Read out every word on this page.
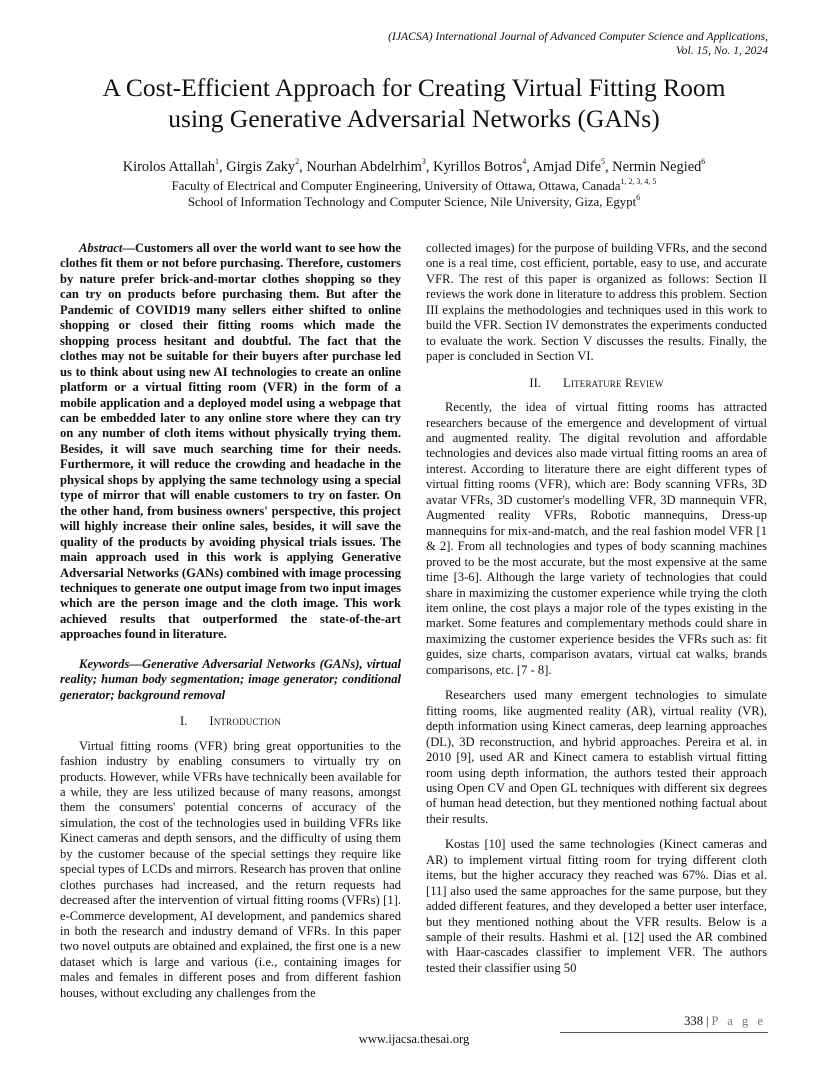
(IJACSA) International Journal of Advanced Computer Science and Applications,
Vol. 15, No. 1, 2024
A Cost-Efficient Approach for Creating Virtual Fitting Room
using Generative Adversarial Networks (GANs)
Kirolos Attallah$^1$, Girgis Zaky$^2$, Nourhan Abdelrhim$^3$, Kyrillos Botros$^4$, Amjad Dife$^5$, Nermin Negied$^6$
Faculty of Electrical and Computer Engineering, University of Ottawa, Ottawa, Canada$^{1, 2, 3, 4, 5}$
School of Information Technology and Computer Science, Nile University, Giza, Egypt$^6$

Abstract—Customers all over the world want to see how the clothes fit them or not before purchasing. Therefore, customers by nature prefer brick-and-mortar clothes shopping so they can try on products before purchasing them. But after the Pandemic of COVID19 many sellers either shifted to online shopping or closed their fitting rooms which made the shopping process hesitant and doubtful. The fact that the clothes may not be suitable for their buyers after purchase led us to think about using new AI technologies to create an online platform or a virtual fitting room (VFR) in the form of a mobile application and a deployed model using a webpage that can be embedded later to any online store where they can try on any number of cloth items without physically trying them. Besides, it will save much searching time for their needs. Furthermore, it will reduce the crowding and headache in the physical shops by applying the same technology using a special type of mirror that will enable customers to try on faster. On the other hand, from business owners' perspective, this project will highly increase their online sales, besides, it will save the quality of the products by avoiding physical trials issues. The main approach used in this work is applying Generative Adversarial Networks (GANs) combined with image processing techniques to generate one output image from two input images which are the person image and the cloth image. This work achieved results that outperformed the state-of-the-art approaches found in literature.

Keywords—Generative Adversarial Networks (GANs), virtual reality; human body segmentation; image generator; conditional generator; background removal

I. Introduction

Virtual fitting rooms (VFR) bring great opportunities to the fashion industry by enabling consumers to virtually try on products. However, while VFRs have technically been available for a while, they are less utilized because of many reasons, amongst them the consumers' potential concerns of accuracy of the simulation, the cost of the technologies used in building VFRs like Kinect cameras and depth sensors, and the difficulty of using them by the customer because of the special settings they require like special types of LCDs and mirrors. Research has proven that online clothes purchases had increased, and the return requests had decreased after the intervention of virtual fitting rooms (VFRs) [1]. e-Commerce development, AI development, and pandemics shared in both the research and industry demand of VFRs. In this paper two novel outputs are obtained and explained, the first one is a new dataset which is large and various (i.e., containing images for males and females in different poses and from different fashion houses, without excluding any challenges from the

collected images) for the purpose of building VFRs, and the second one is a real time, cost efficient, portable, easy to use, and accurate VFR. The rest of this paper is organized as follows: Section II reviews the work done in literature to address this problem. Section III explains the methodologies and techniques used in this work to build the VFR. Section IV demonstrates the experiments conducted to evaluate the work. Section V discusses the results. Finally, the paper is concluded in Section VI.

II. Literature Review

Recently, the idea of virtual fitting rooms has attracted researchers because of the emergence and development of virtual and augmented reality. The digital revolution and affordable technologies and devices also made virtual fitting rooms an area of interest. According to literature there are eight different types of virtual fitting rooms (VFR), which are: Body scanning VFRs, 3D avatar VFRs, 3D customer's modelling VFR, 3D mannequin VFR, Augmented reality VFRs, Robotic mannequins, Dress-up mannequins for mix-and-match, and the real fashion model VFR [1 & 2]. From all technologies and types of body scanning machines proved to be the most accurate, but the most expensive at the same time [3-6]. Although the large variety of technologies that could share in maximizing the customer experience while trying the cloth item online, the cost plays a major role of the types existing in the market. Some features and complementary methods could share in maximizing the customer experience besides the VFRs such as: fit guides, size charts, comparison avatars, virtual cat walks, brands comparisons, etc. [7 - 8].

Researchers used many emergent technologies to simulate fitting rooms, like augmented reality (AR), virtual reality (VR), depth information using Kinect cameras, deep learning approaches (DL), 3D reconstruction, and hybrid approaches. Pereira et al. in 2010 [9], used AR and Kinect camera to establish virtual fitting room using depth information, the authors tested their approach using Open CV and Open GL techniques with different six degrees of human head detection, but they mentioned nothing factual about their results.

Kostas [10] used the same technologies (Kinect cameras and AR) to implement virtual fitting room for trying different cloth items, but the higher accuracy they reached was 67%. Dias et al. [11] also used the same approaches for the same purpose, but they added different features, and they developed a better user interface, but they mentioned nothing about the VFR results. Below is a sample of their results. Hashmi et al. [12] used the AR combined with Haar-cascades classifier to implement VFR. The authors tested their classifier using 50

338 | P a g e
www.ijacsa.thesai.org
